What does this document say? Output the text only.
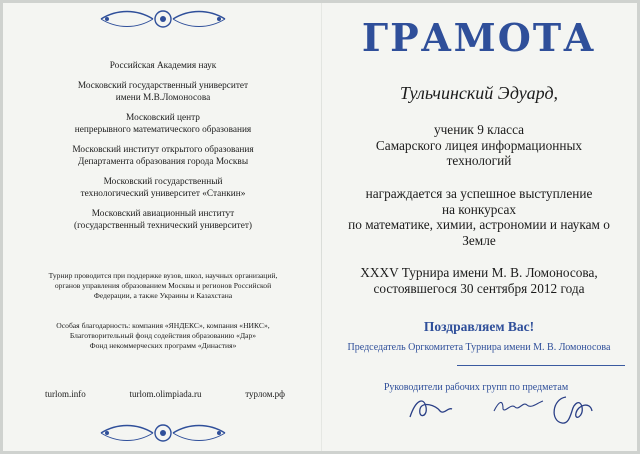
Российская Академия наук
Московский государственный университет
имени М.В.Ломоносова
Московский центр
непрерывного математического образования
Московский институт открытого образования
Департамента образования города Москвы
Московский государственный
технологический университет «Станкин»
Московский авиационный институт
(государственный технический университет)
Турнир проводится при поддержке вузов, школ, научных организаций,
органов управления образованием Москвы и регионов Российской
Федерации, а также Украины и Казахстана
Особая благодарность: компания «ЯНДЕКС», компания «НИКС»,
Благотворительный фонд содействия образованию «Дар»
Фонд некоммерческих программ «Династия»
turlom.info	turlom.olimpiada.ru	турлом.рф
ГРАМОТА
Тульчинский Эдуард,
ученик 9 класса
Самарского лицея информационных
технологий
награждается за успешное выступление
на конкурсах
по математике, химии, астрономии и наукам о
Земле
XXXV Турнира имени М. В. Ломоносова,
состоявшегося 30 сентября 2012 года
Поздравляем Вас!
Председатель Оргкомитета Турнира имени М. В. Ломоносова
Руководители рабочих групп по предметам
